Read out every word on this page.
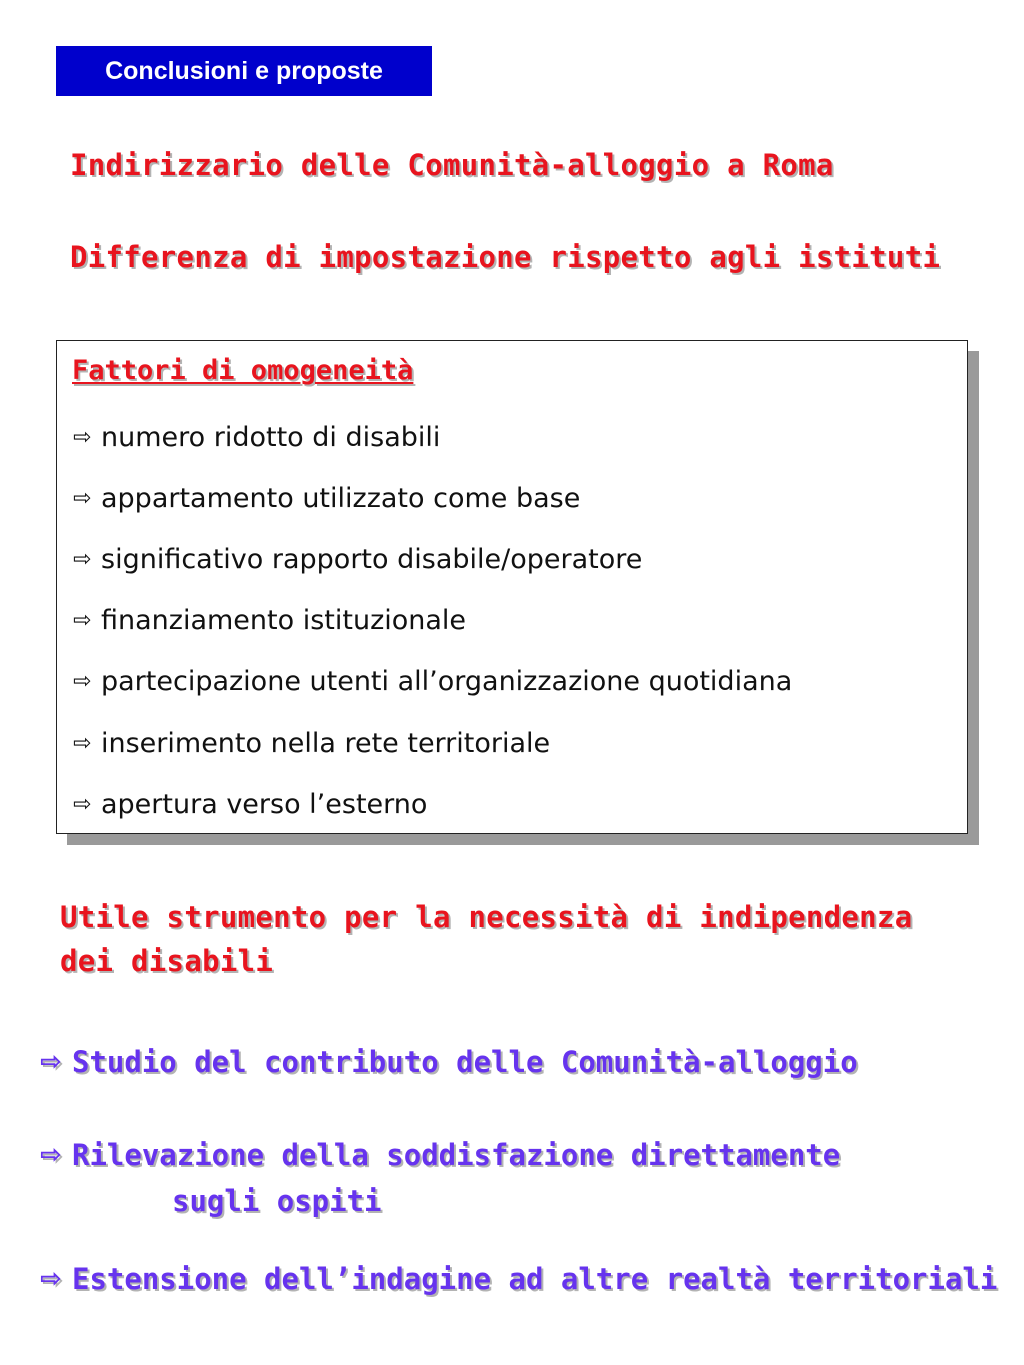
Conclusioni e proposte
Indirizzario delle Comunità-alloggio a Roma
Differenza di impostazione rispetto agli istituti
Fattori di omogeneità
⇨ numero ridotto di disabili
⇨ appartamento utilizzato come base
⇨ significativo rapporto disabile/operatore
⇨ finanziamento istituzionale
⇨ partecipazione utenti all’organizzazione quotidiana
⇨ inserimento nella rete territoriale
⇨ apertura verso l’esterno
Utile strumento per la necessità di indipendenza
dei disabili
⇨ Studio del contributo delle Comunità-alloggio
⇨ Rilevazione della soddisfazione direttamente
sugli ospiti
⇨ Estensione dell’indagine ad altre realtà territoriali
